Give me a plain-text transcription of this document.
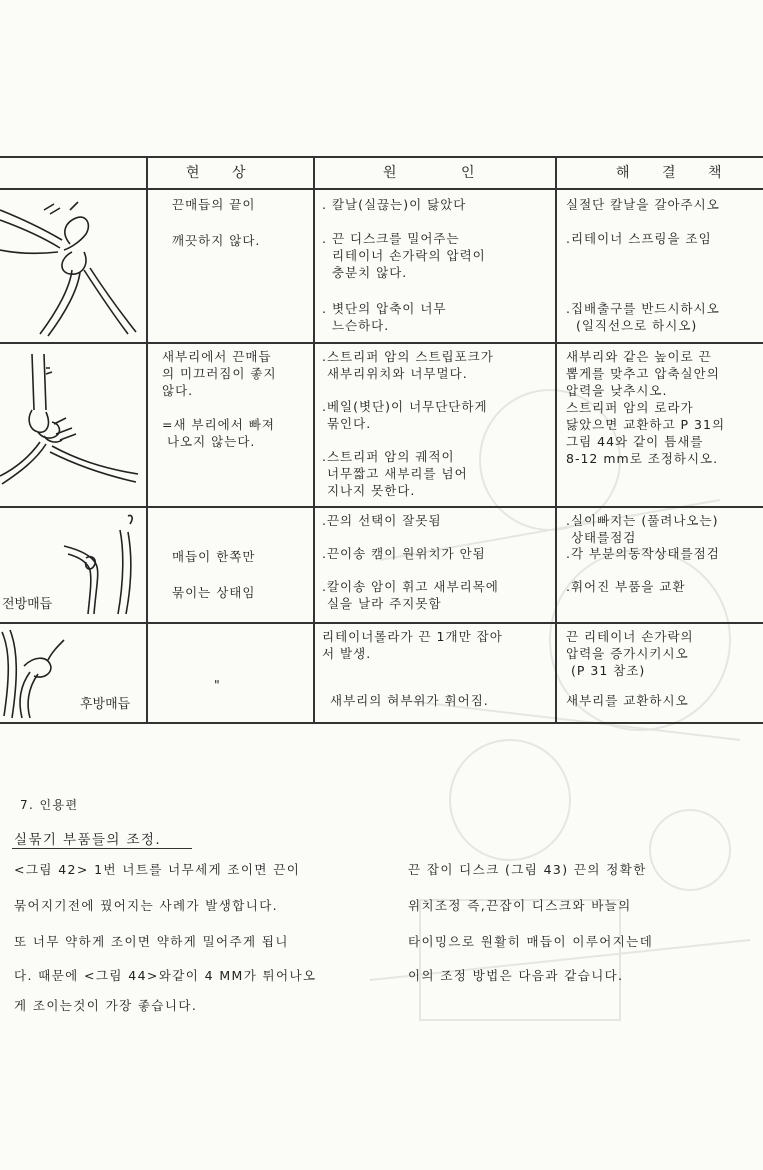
현 상	원 인	해 결 책
끈매듭의 끝이

깨끗하지 않다.
. 칼날(실끊는)이 닳았다
. 끈 디스크를 밀어주는
리테이너 손가락의 압력이
충분치 않다.
. 볏단의 압축이 너무
느슨하다.
실절단 칼날을 갈아주시오
.리테이너 스프링을 조임
.집배출구를 반드시하시오
(일직선으로 하시오)
새부리에서 끈매듭
의 미끄러짐이 좋지
않다.

=새 부리에서 빠져
나오지 않는다.
.스트리퍼 암의 스트립포크가
새부리위치와 너무멀다.
.베일(볏단)이 너무단단하게
묶인다.
.스트리퍼 암의 궤적이
너무짧고 새부리를 넘어
지나지 못한다.
새부리와 같은 높이로 끈
뽑게를 맞추고 압축실안의
압력을 낮추시오.
스트리퍼 암의 로라가
닳았으면 교환하고 P 31의
그림 44와 같이 틈새를
8-12 mm로 조정하시오.
전방매듭
매듭이 한쪽만

묶이는 상태임
.끈의 선택이 잘못됨
.끈이송 캠이 원위치가 안됨
.칼이송 암이 휘고 새부리목에
실을 날라 주지못함
.실이빠지는 (풀려나오는)
상태를점검
.각 부분의동작상태를점검
.휘어진 부품을 교환
후방매듭
"
리테이너롤라가 끈 1개만 잡아
서 발생.
새부리의 혀부위가 휘어짐.
끈 리테이너 손가락의
압력을 증가시키시오
(P 31 참조)
새부리를 교환하시오
7. 인용편
실묶기 부품들의 조정.
<그림 42> 1번 너트를 너무세게 조이면 끈이
묶어지기전에 꿨어지는 사례가 발생합니다.
또 너무 약하게 조이면 약하게 밀어주게 됩니
다. 때문에 <그림 44>와같이 4 MM가 튀어나오
게 조이는것이 가장 좋습니다.
끈 잡이 디스크 (그림 43) 끈의 정확한
위치조정 즉,끈잡이 디스크와 바늘의
타이밍으로 원활히 매듭이 이루어지는데
이의 조정 방법은 다음과 같습니다.
